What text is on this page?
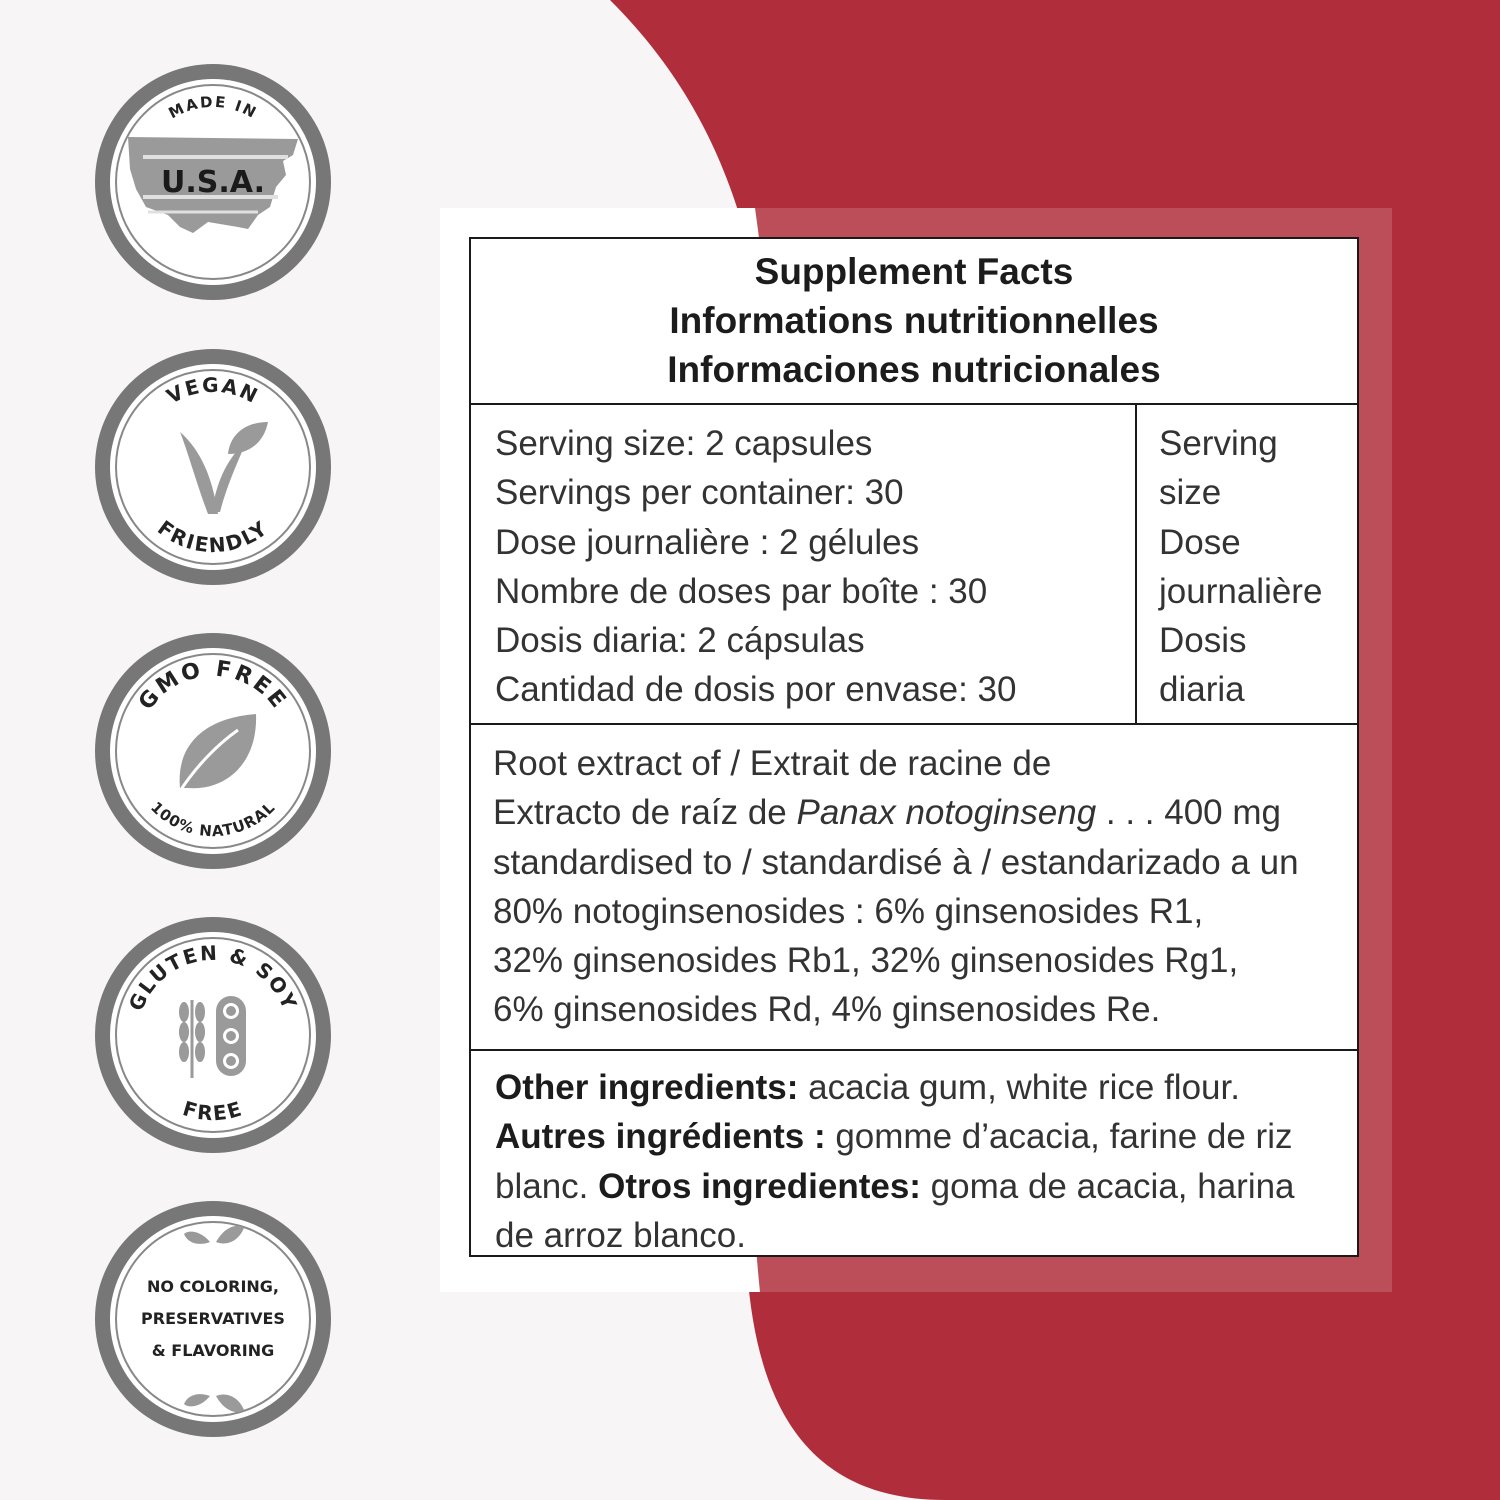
MADE IN
U.S.A.
VEGAN
FRIENDLY
GMO FREE
100% NATURAL
GLUTEN & SOY
FREE
NO COLORING,
PRESERVATIVES
& FLAVORING
Supplement Facts
Informations nutritionnelles
Informaciones nutricionales
Serving size: 2 capsules
Servings per container: 30
Dose journalière : 2 gélules
Nombre de doses par boîte : 30
Dosis diaria: 2 cápsulas
Cantidad de dosis por envase: 30
Serving
size
Dose
journalière
Dosis
diaria
Root extract of / Extrait de racine de
Extracto de raíz de Panax notoginseng . . . 400 mg
standardised to / standardisé à / estandarizado a un
80% notoginsenosides : 6% ginsenosides R1,
32% ginsenosides Rb1, 32% ginsenosides Rg1,
6% ginsenosides Rd, 4% ginsenosides Re.
Other ingredients: acacia gum, white rice flour.
Autres ingrédients : gomme d’acacia, farine de riz
blanc. Otros ingredientes: goma de acacia, harina
de arroz blanco.
